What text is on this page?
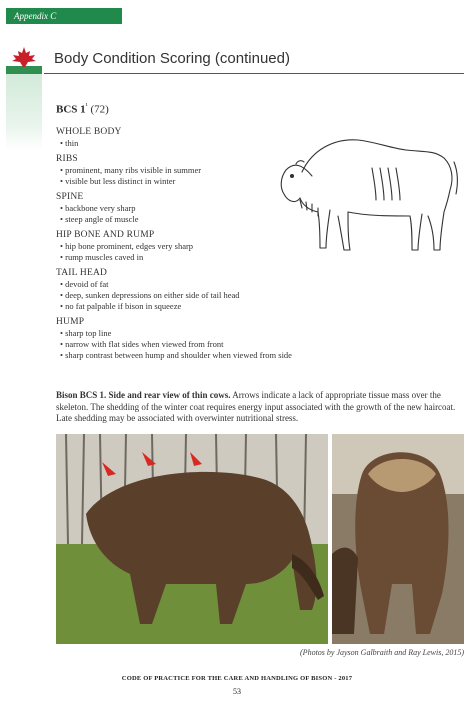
Appendix C
Body Condition Scoring (continued)
BCS $1^{^1}$ (72)
WHOLE BODY
• thin
RIBS
• prominent, many ribs visible in summer
• visible but less distinct in winter
SPINE
• backbone very sharp
• steep angle of muscle
HIP BONE AND RUMP
• hip bone prominent, edges very sharp
• rump muscles caved in
TAIL HEAD
• devoid of fat
• deep, sunken depressions on either side of tail head
• no fat palpable if bison in squeeze
HUMP
• sharp top line
• narrow with flat sides when viewed from front
• sharp contrast between hump and shoulder when viewed from side
Bison BCS 1. Side and rear view of thin cows. Arrows indicate a lack of appropriate tissue mass over the skeleton. The shedding of the winter coat requires energy input associated with the growth of the new haircoat. Late shedding may be associated with overwinter nutritional stress.
(Photos by Jayson Galbraith and Ray Lewis, 2015)
CODE OF PRACTICE FOR THE CARE AND HANDLING OF BISON - 2017
53
